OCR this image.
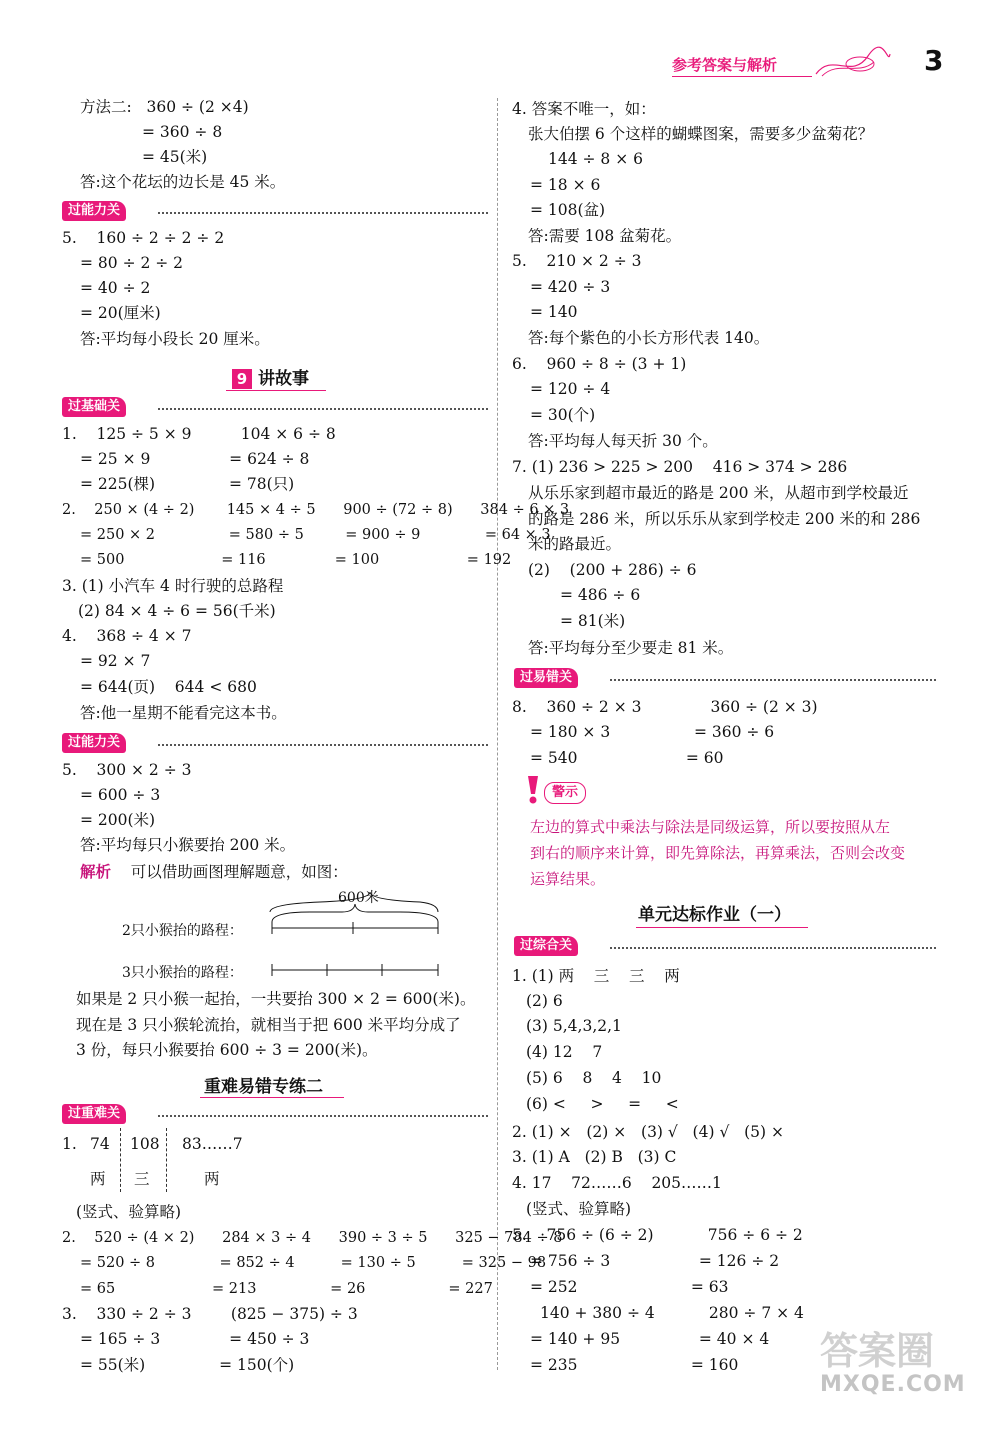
参考答案与解析	3
方法二:   360 ÷ (2 ×4)
= 360 ÷ 8
= 45(米)
答:这个花坛的边长是 45 米。
过能力关
5.    160 ÷ 2 ÷ 2 ÷ 2
= 80 ÷ 2 ÷ 2
= 40 ÷ 2
= 20(厘米)
答:平均每小段长 20 厘米。
9 讲故事
过基础关
1.    125 ÷ 5 × 9          104 × 6 ÷ 8
= 25 × 9                = 624 ÷ 8
= 225(棵)               = 78(只)
2.    250 × (4 ÷ 2)       145 × 4 ÷ 5      900 ÷ (72 ÷ 8)      384 ÷ 6 × 3
= 250 × 2                = 580 ÷ 5         = 900 ÷ 9              = 64 × 3
= 500                     = 116               = 100                   = 192
3. (1) 小汽车 4 时行驶的总路程
(2) 84 × 4 ÷ 6 = 56(千米)
4.    368 ÷ 4 × 7
= 92 × 7
= 644(页)    644 < 680
答:他一星期不能看完这本书。
过能力关
5.    300 × 2 ÷ 3
= 600 ÷ 3
= 200(米)
答:平均每只小猴要抬 200 米。
解析 可以借助画图理解题意，如图：
600米
2只小猴抬的路程：
3只小猴抬的路程：
如果是 2 只小猴一起抬，一共要抬 300 × 2 = 600(米)。
现在是 3 只小猴轮流抬，就相当于把 600 米平均分成了
3 份，每只小猴要抬 600 ÷ 3 = 200(米)。
重难易错专练二
过重难关
1. 74 108 83……7
两 三	两
(竖式、验算略)
2.    520 ÷ (4 × 2)      284 × 3 ÷ 4      390 ÷ 3 ÷ 5      325 − 784 ÷ 8
= 520 ÷ 8              = 852 ÷ 4          = 130 ÷ 5          = 325 − 98
= 65                     = 213                = 26                  = 227
3.    330 ÷ 2 ÷ 3        (825 − 375) ÷ 3
= 165 ÷ 3              = 450 ÷ 3
= 55(米)               = 150(个)
4. 答案不唯一，如：
张大伯摆 6 个这样的蝴蝶图案，需要多少盆菊花？
144 ÷ 8 × 6
= 18 × 6
= 108(盆)
答:需要 108 盆菊花。
5.    210 × 2 ÷ 3
= 420 ÷ 3
= 140
答:每个紫色的小长方形代表 140。
6.    960 ÷ 8 ÷ (3 + 1)
= 120 ÷ 4
= 30(个)
答:平均每人每天折 30 个。
7. (1) 236 > 225 > 200    416 > 374 > 286
从乐乐家到超市最近的路是 200 米，从超市到学校最近
的路是 286 米，所以乐乐从家到学校走 200 米的和 286
米的路最近。
(2)    (200 + 286) ÷ 6
= 486 ÷ 6
= 81(米)
答:平均每分至少要走 81 米。
过易错关
8.    360 ÷ 2 × 3              360 ÷ (2 × 3)
= 180 × 3                 = 360 ÷ 6
= 540                      = 60
警示
左边的算式中乘法与除法是同级运算，所以要按照从左
到右的顺序来计算，即先算除法，再算乘法，否则会改变
运算结果。
单元达标作业（一）
过综合关
1. (1) 两    三    三    两
(2) 6
(3) 5,4,3,2,1
(4) 12    7
(5) 6    8    4    10
(6) <     >     =     <
2. (1) ×   (2) ×   (3) √   (4) √   (5) ×
3. (1) A   (2) B   (3) C
4. 17    72……6    205……1
(竖式、验算略)
5.    756 ÷ (6 ÷ 2)           756 ÷ 6 ÷ 2
= 756 ÷ 3                  = 126 ÷ 2
= 252                       = 63
140 + 380 ÷ 4           280 ÷ 7 × 4
= 140 + 95                = 40 × 4
= 235                       = 160 答案圈
MXQE.COM
